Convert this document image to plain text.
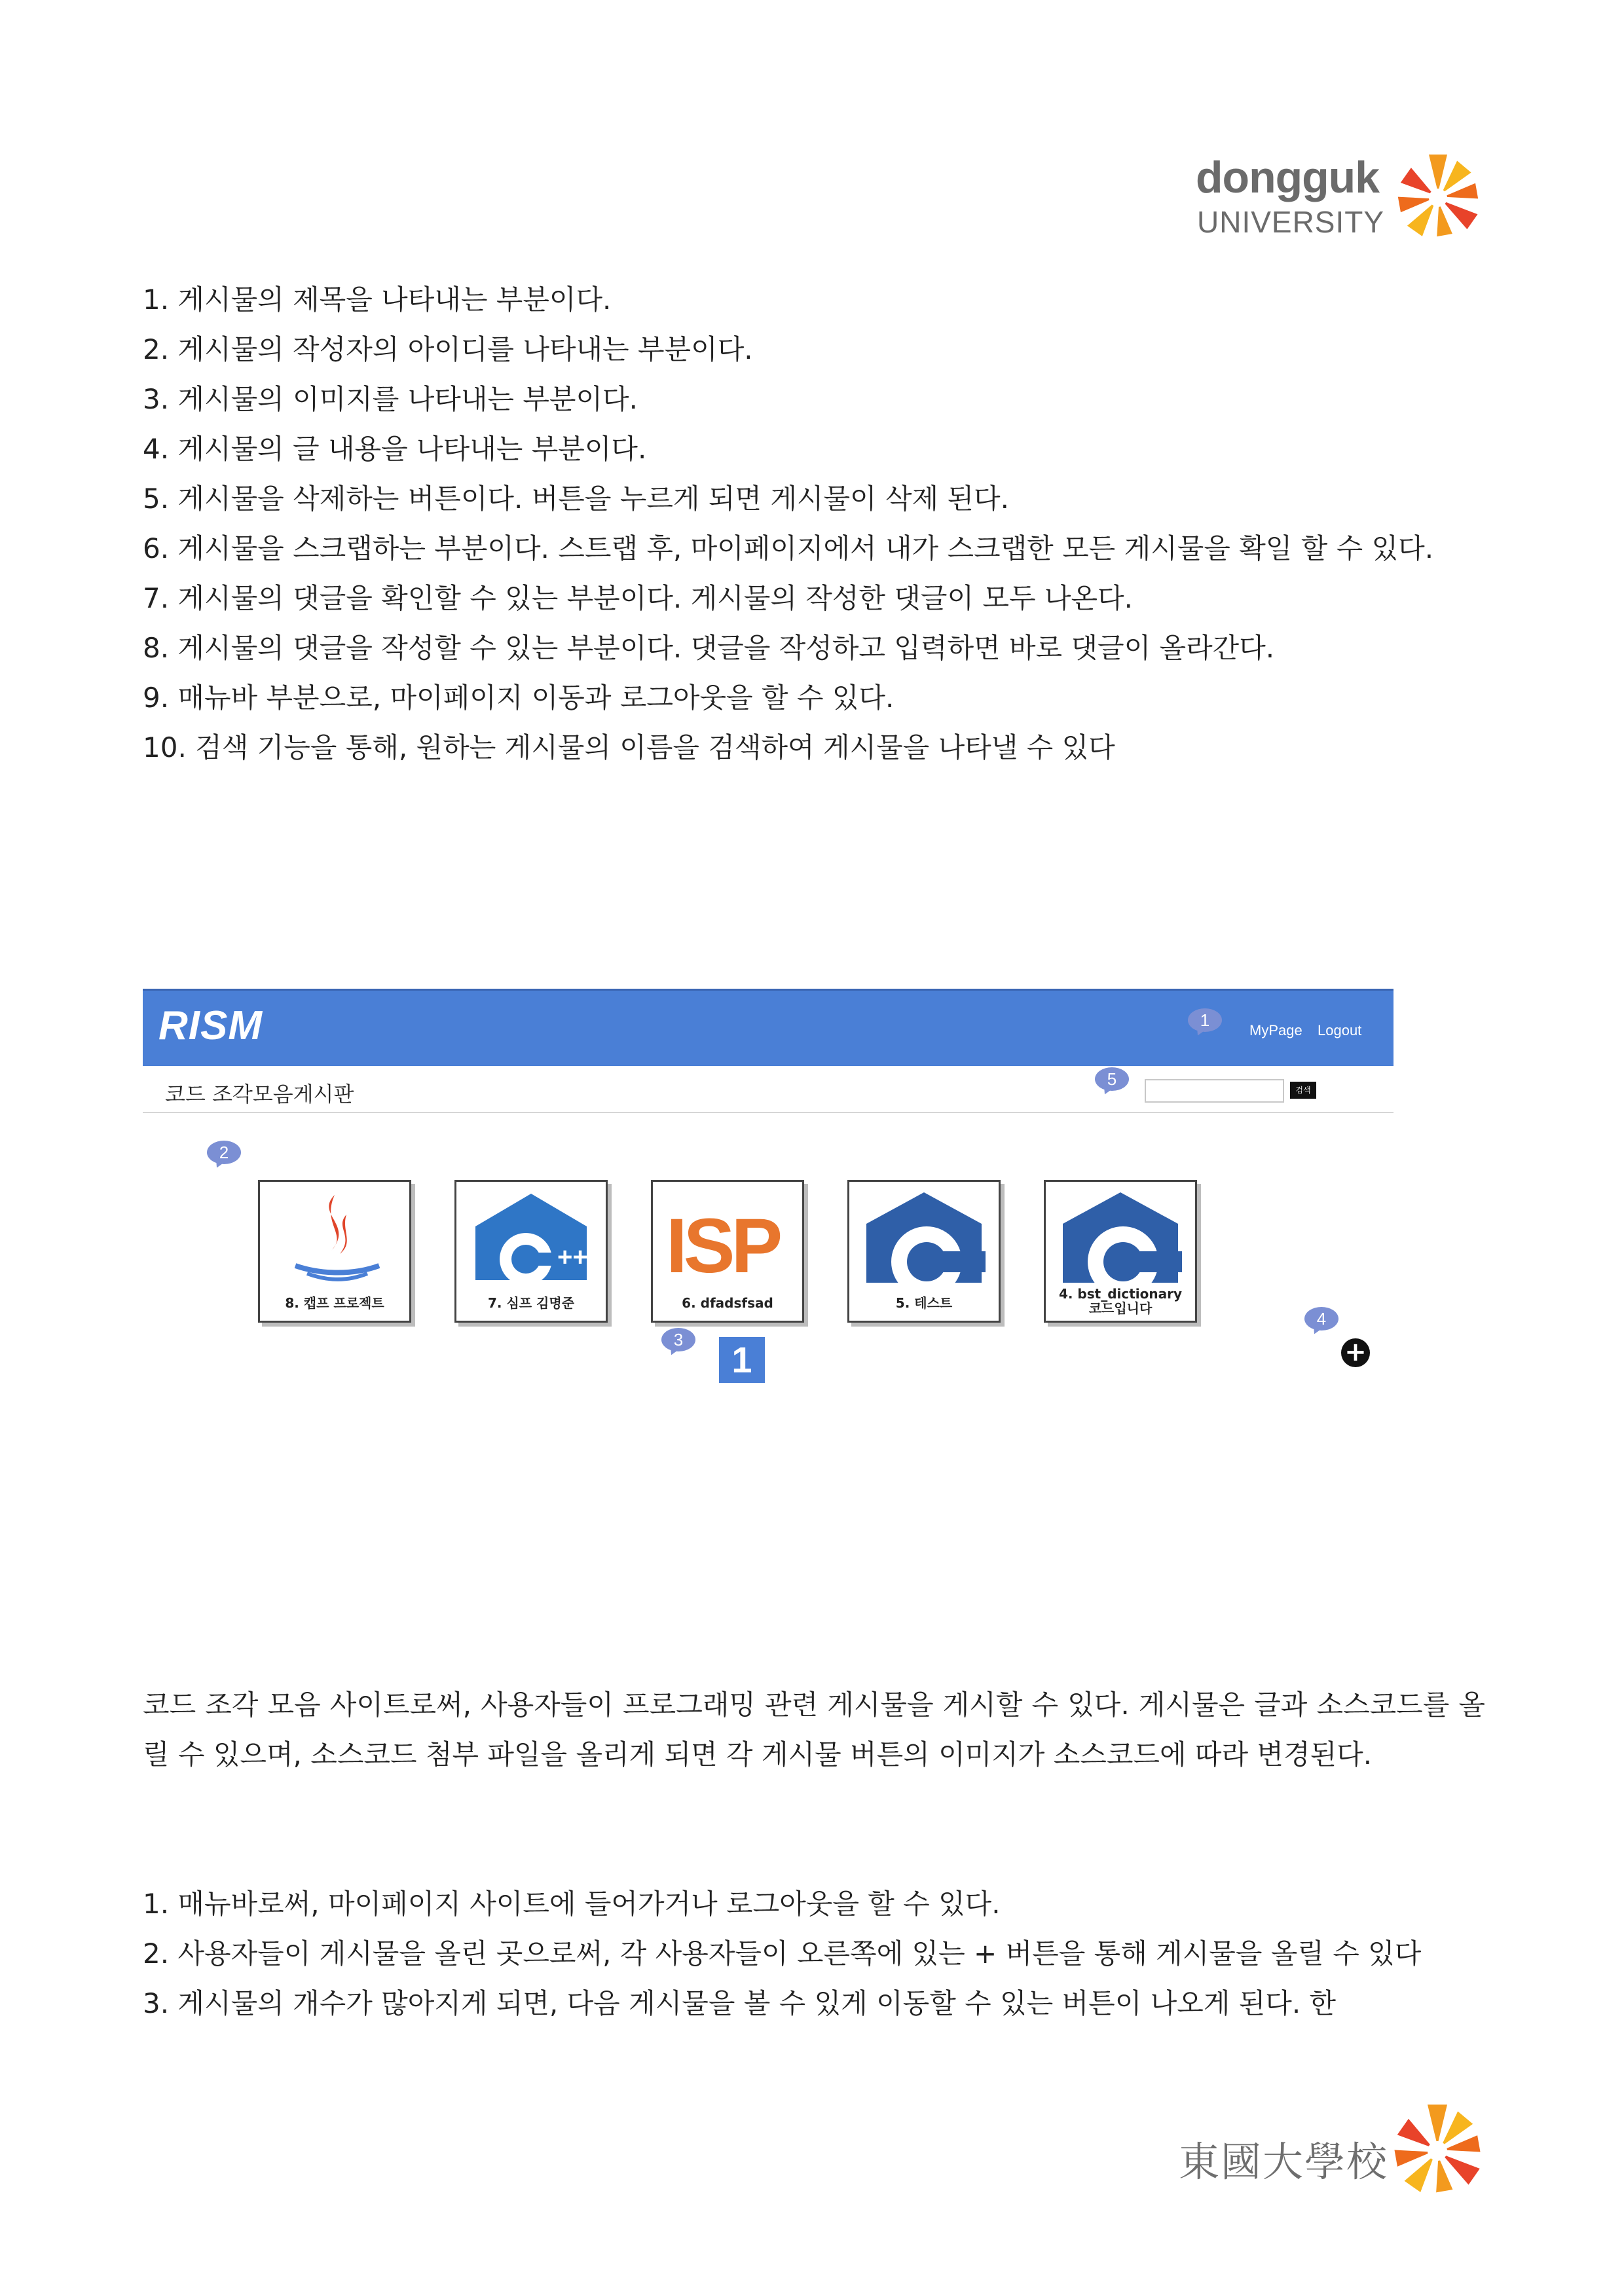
dongguk
UNIVERSITY
1. 게시물의 제목을 나타내는 부분이다.
2. 게시물의 작성자의 아이디를 나타내는 부분이다.
3. 게시물의 이미지를 나타내는 부분이다.
4. 게시물의 글 내용을 나타내는 부분이다.
5. 게시물을 삭제하는 버튼이다. 버튼을 누르게 되면 게시물이 삭제 된다.
6. 게시물을 스크랩하는 부분이다. 스트랩 후, 마이페이지에서 내가 스크랩한 모든 게시물을 확일 할 수 있다.
7. 게시물의 댓글을 확인할 수 있는 부분이다. 게시물의 작성한 댓글이 모두 나온다.
8. 게시물의 댓글을 작성할 수 있는 부분이다. 댓글을 작성하고 입력하면 바로 댓글이 올라간다.
9. 매뉴바 부분으로, 마이페이지 이동과 로그아웃을 할 수 있다.
10. 검색 기능을 통해, 원하는 게시물의 이름을 검색하여 게시물을 나타낼 수 있다
RISM	MyPage Logout
1
코드 조각모음게시판	검색
5
2
8. 캡프 프로젝트
++
7. 심프 김명준
ISP
6. dfadsfsad	5. 테스트
4. bst_dictionary 코드입니다
4
+
3	1
코드 조각 모음 사이트로써, 사용자들이 프로그래밍 관련 게시물을 게시할 수 있다. 게시물은 글과 소스코드를 올릴 수 있으며, 소스코드 첨부 파일을 올리게 되면 각 게시물 버튼의 이미지가 소스코드에 따라 변경된다.
1. 매뉴바로써, 마이페이지 사이트에 들어가거나 로그아웃을 할 수 있다.
2. 사용자들이 게시물을 올린 곳으로써, 각 사용자들이 오른쪽에 있는 + 버튼을 통해 게시물을 올릴 수 있다
3. 게시물의 개수가 많아지게 되면, 다음 게시물을 볼 수 있게 이동할 수 있는 버튼이 나오게 된다. 한
東國大學校
